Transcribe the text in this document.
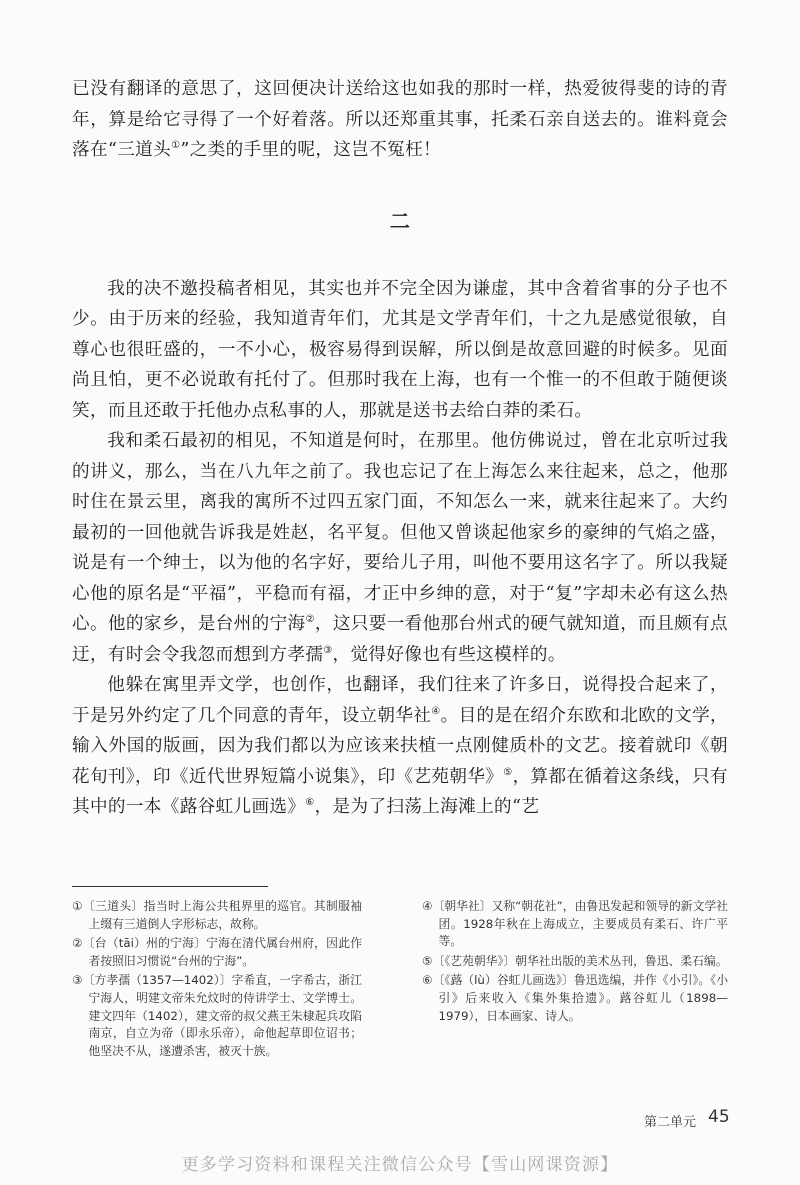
已没有翻译的意思了，这回便决计送给这也如我的那时一样，热爱彼得斐的诗的青年，算是给它寻得了一个好着落。所以还郑重其事，托柔石亲自送去的。谁料竟会落在“三道头①”之类的手里的呢，这岂不冤枉！

二

我的决不邀投稿者相见，其实也并不完全因为谦虚，其中含着省事的分子也不少。由于历来的经验，我知道青年们，尤其是文学青年们，十之九是感觉很敏，自尊心也很旺盛的，一不小心，极容易得到误解，所以倒是故意回避的时候多。见面尚且怕，更不必说敢有托付了。但那时我在上海，也有一个惟一的不但敢于随便谈笑，而且还敢于托他办点私事的人，那就是送书去给白莽的柔石。

我和柔石最初的相见，不知道是何时，在那里。他仿佛说过，曾在北京听过我的讲义，那么，当在八九年之前了。我也忘记了在上海怎么来往起来，总之，他那时住在景云里，离我的寓所不过四五家门面，不知怎么一来，就来往起来了。大约最初的一回他就告诉我是姓赵，名平复。但他又曾谈起他家乡的豪绅的气焰之盛，说是有一个绅士，以为他的名字好，要给儿子用，叫他不要用这名字了。所以我疑心他的原名是“平福”，平稳而有福，才正中乡绅的意，对于“复”字却未必有这么热心。他的家乡，是台州的宁海②，这只要一看他那台州式的硬气就知道，而且颇有点迂，有时会令我忽而想到方孝孺③，觉得好像也有些这模样的。

他躲在寓里弄文学，也创作，也翻译，我们往来了许多日，说得投合起来了，于是另外约定了几个同意的青年，设立朝华社④。目的是在绍介东欧和北欧的文学，输入外国的版画，因为我们都以为应该来扶植一点刚健质朴的文艺。接着就印《朝花旬刊》，印《近代世界短篇小说集》，印《艺苑朝华》⑤，算都在循着这条线，只有其中的一本《蕗谷虹儿画选》⑥，是为了扫荡上海滩上的“艺

①〔三道头〕指当时上海公共租界里的巡官。其制服袖上缀有三道倒人字形标志，故称。
②〔台（tāi）州的宁海〕宁海在清代属台州府，因此作者按照旧习惯说“台州的宁海”。
③〔方孝孺（1357—1402）〕字希直，一字希古，浙江宁海人，明建文帝朱允炆时的侍讲学士、文学博士。建文四年（1402），建文帝的叔父燕王朱棣起兵攻陷南京，自立为帝（即永乐帝），命他起草即位诏书；他坚决不从，遂遭杀害，被灭十族。
④〔朝华社〕又称“朝花社”，由鲁迅发起和领导的新文学社团。1928年秋在上海成立，主要成员有柔石、许广平等。
⑤〔《艺苑朝华》〕朝华社出版的美术丛刊，鲁迅、柔石编。
⑥〔《蕗（lù）谷虹儿画选》〕鲁迅选编，并作《小引》。《小引》后来收入《集外集拾遗》。蕗谷虹儿（1898—1979），日本画家、诗人。
第二单元 45
更多学习资料和课程关注微信公众号【雪山网课资源】
